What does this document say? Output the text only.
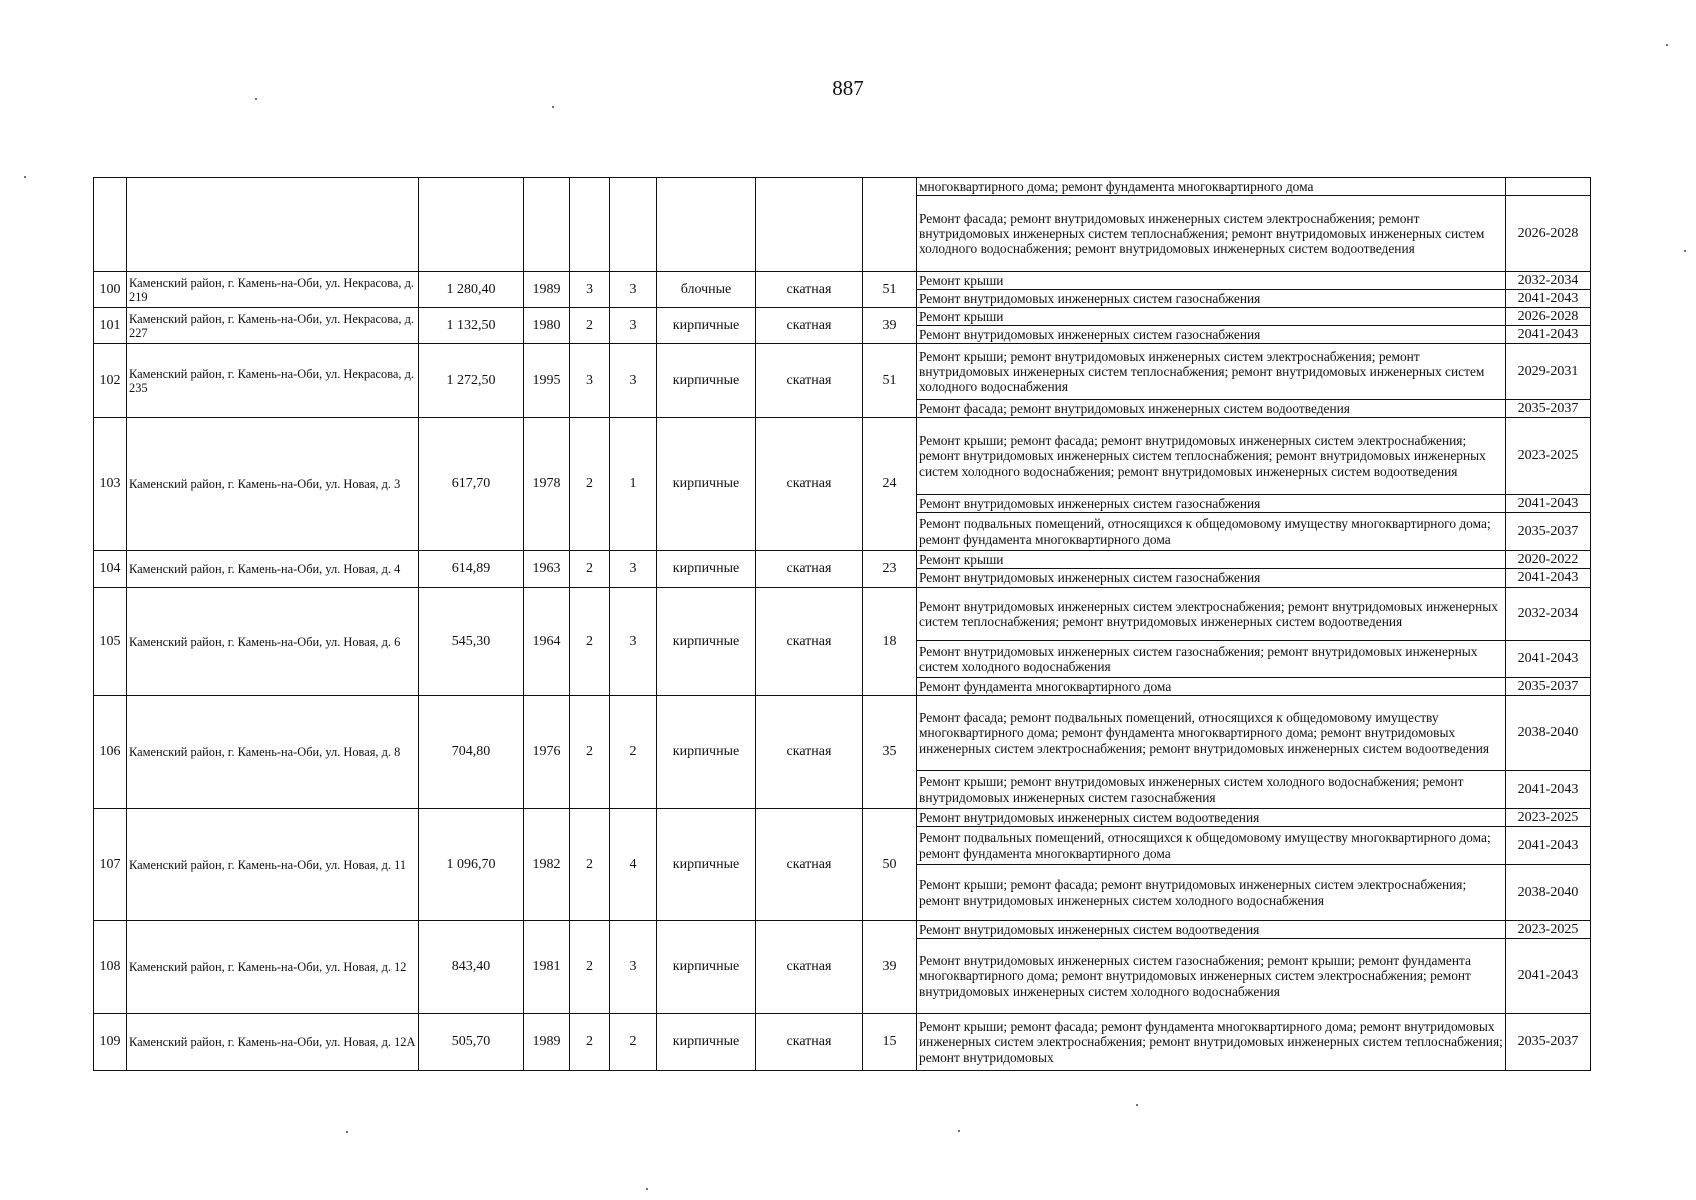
887
									многоквартирного дома; ремонт фундамента многоквартирного дома	
									Ремонт фасада; ремонт внутридомовых инженерных систем электроснабжения; ремонт внутридомовых инженерных систем теплоснабжения; ремонт внутридомовых инженерных систем холодного водоснабжения; ремонт внутридомовых инженерных систем водоотведения	2026-2028
100	Каменский район, г. Камень-на-Оби, ул. Некрасова, д. 219	1 280,40	1989	3	3	блочные	скатная	51	Ремонт крыши	2032-2034
									Ремонт внутридомовых инженерных систем газоснабжения	2041-2043
101	Каменский район, г. Камень-на-Оби, ул. Некрасова, д. 227	1 132,50	1980	2	3	кирпичные	скатная	39	Ремонт крыши	2026-2028
									Ремонт внутридомовых инженерных систем газоснабжения	2041-2043
102	Каменский район, г. Камень-на-Оби, ул. Некрасова, д. 235	1 272,50	1995	3	3	кирпичные	скатная	51	Ремонт крыши; ремонт внутридомовых инженерных систем электроснабжения; ремонт внутридомовых инженерных систем теплоснабжения; ремонт внутридомовых инженерных систем холодного водоснабжения	2029-2031
									Ремонт фасада; ремонт внутридомовых инженерных систем водоотведения	2035-2037
103	Каменский район, г. Камень-на-Оби, ул. Новая, д. 3	617,70	1978	2	1	кирпичные	скатная	24	Ремонт крыши; ремонт фасада; ремонт внутридомовых инженерных систем электроснабжения; ремонт внутридомовых инженерных систем теплоснабжения; ремонт внутридомовых инженерных систем холодного водоснабжения; ремонт внутридомовых инженерных систем водоотведения	2023-2025
									Ремонт внутридомовых инженерных систем газоснабжения	2041-2043
									Ремонт подвальных помещений, относящихся к общедомовому имуществу многоквартирного дома; ремонт фундамента многоквартирного дома	2035-2037
104	Каменский район, г. Камень-на-Оби, ул. Новая, д. 4	614,89	1963	2	3	кирпичные	скатная	23	Ремонт крыши	2020-2022
									Ремонт внутридомовых инженерных систем газоснабжения	2041-2043
105	Каменский район, г. Камень-на-Оби, ул. Новая, д. 6	545,30	1964	2	3	кирпичные	скатная	18	Ремонт внутридомовых инженерных систем электроснабжения; ремонт внутридомовых инженерных систем теплоснабжения; ремонт внутридомовых инженерных систем водоотведения	2032-2034
									Ремонт внутридомовых инженерных систем газоснабжения; ремонт внутридомовых инженерных систем холодного водоснабжения	2041-2043
									Ремонт фундамента многоквартирного дома	2035-2037
106	Каменский район, г. Камень-на-Оби, ул. Новая, д. 8	704,80	1976	2	2	кирпичные	скатная	35	Ремонт фасада; ремонт подвальных помещений, относящихся к общедомовому имуществу многоквартирного дома; ремонт фундамента многоквартирного дома; ремонт внутридомовых инженерных систем электроснабжения; ремонт внутридомовых инженерных систем водоотведения	2038-2040
									Ремонт крыши; ремонт внутридомовых инженерных систем холодного водоснабжения; ремонт внутридомовых инженерных систем газоснабжения	2041-2043
107	Каменский район, г. Камень-на-Оби, ул. Новая, д. 11	1 096,70	1982	2	4	кирпичные	скатная	50	Ремонт внутридомовых инженерных систем водоотведения	2023-2025
									Ремонт подвальных помещений, относящихся к общедомовому имуществу многоквартирного дома; ремонт фундамента многоквартирного дома	2041-2043
									Ремонт крыши; ремонт фасада; ремонт внутридомовых инженерных систем электроснабжения; ремонт внутридомовых инженерных систем холодного водоснабжения	2038-2040
108	Каменский район, г. Камень-на-Оби, ул. Новая, д. 12	843,40	1981	2	3	кирпичные	скатная	39	Ремонт внутридомовых инженерных систем водоотведения	2023-2025
									Ремонт внутридомовых инженерных систем газоснабжения; ремонт крыши; ремонт фундамента многоквартирного дома; ремонт внутридомовых инженерных систем электроснабжения; ремонт внутридомовых инженерных систем холодного водоснабжения	2041-2043
109	Каменский район, г. Камень-на-Оби, ул. Новая, д. 12А	505,70	1989	2	2	кирпичные	скатная	15	Ремонт крыши; ремонт фасада; ремонт фундамента многоквартирного дома; ремонт внутридомовых инженерных систем электроснабжения; ремонт внутридомовых инженерных систем теплоснабжения; ремонт внутридомовых	2035-2037
